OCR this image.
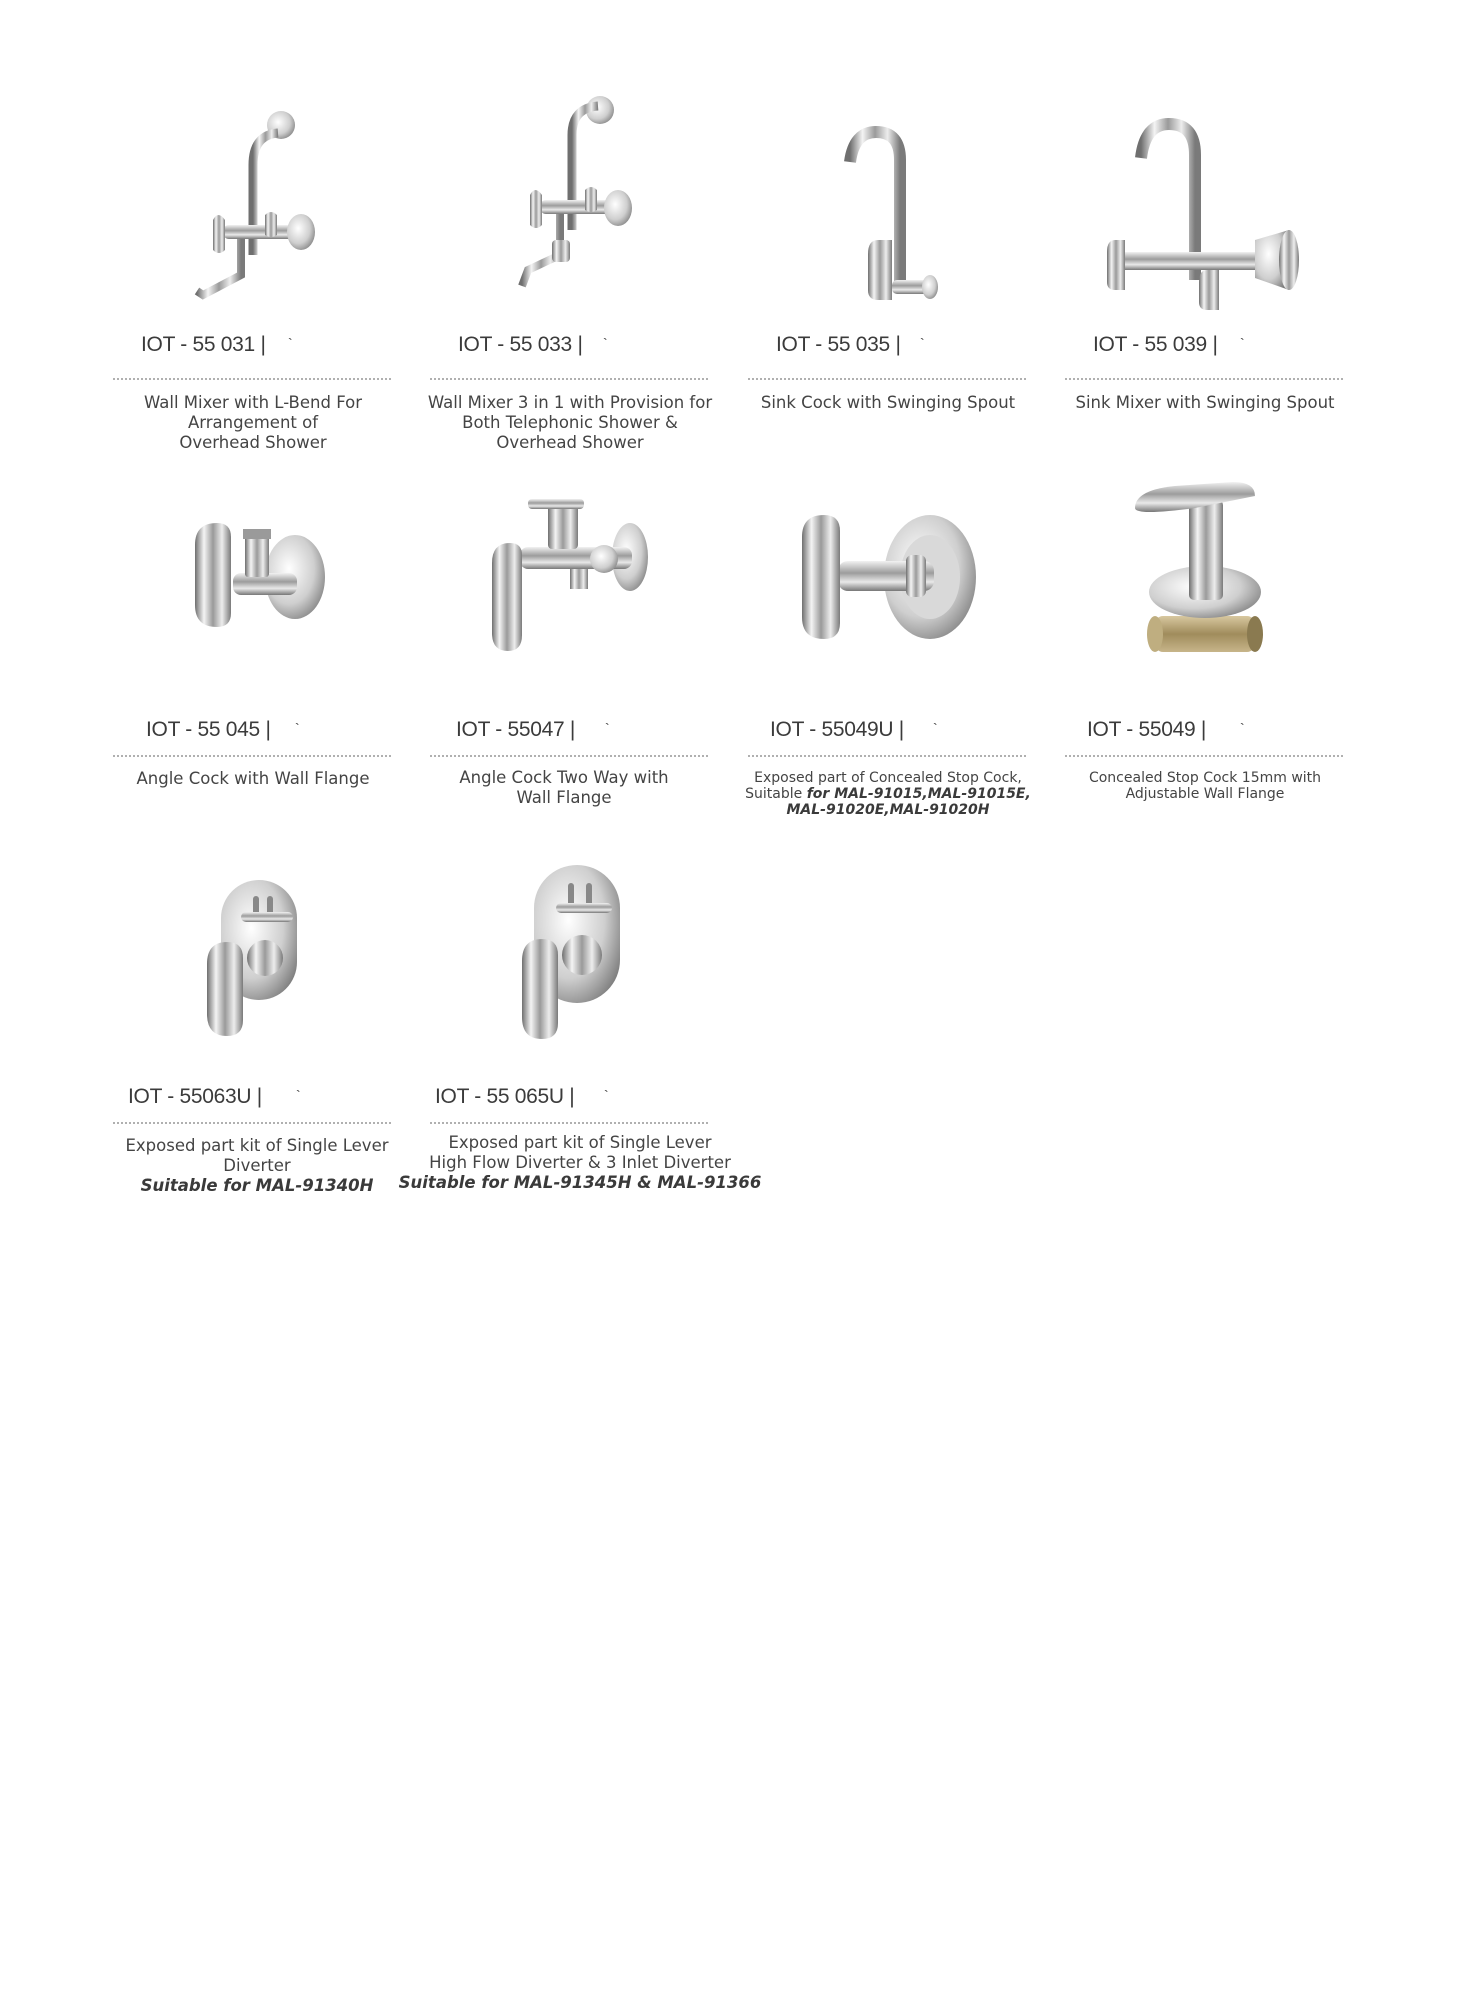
IOT - 55 031 | `
Wall Mixer with L-Bend For
Arrangement of
Overhead Shower
IOT - 55 033 | `
Wall Mixer 3 in 1 with Provision for
Both Telephonic Shower &
Overhead Shower
IOT - 55 035 | `
Sink Cock with Swinging Spout
IOT - 55 039 | `
Sink Mixer with Swinging Spout
IOT - 55 045 | `
Angle Cock with Wall Flange
IOT - 55047 | `
Angle Cock Two Way with
Wall Flange
IOT - 55049U | `
Exposed part of Concealed Stop Cock,
Suitable for MAL-91015,MAL-91015E,
MAL-91020E,MAL-91020H
IOT - 55049 | `
Concealed Stop Cock 15mm with
Adjustable Wall Flange
IOT - 55063U | `
Exposed part kit of Single Lever
Diverter
Suitable for MAL-91340H
IOT - 55 065U | `
Exposed part kit of Single Lever
High Flow Diverter & 3 Inlet Diverter
Suitable for MAL-91345H & MAL-91366
